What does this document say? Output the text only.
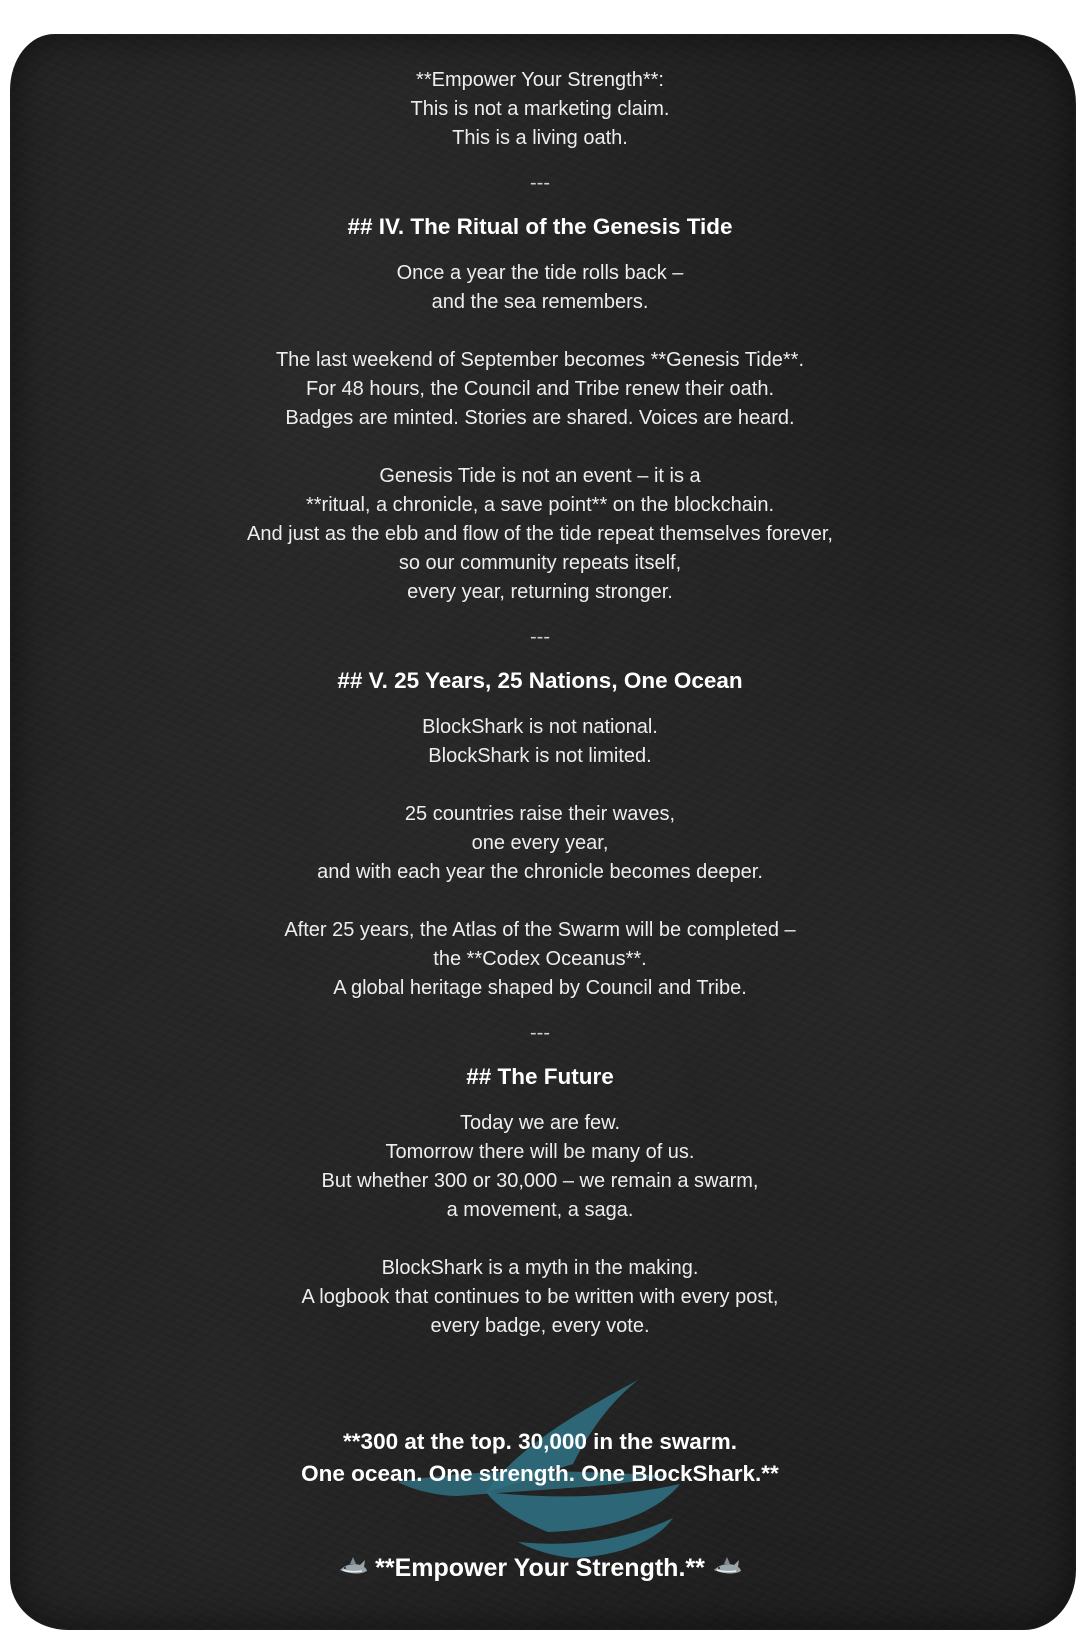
**Empower Your Strength**:
This is not a marketing claim.
This is a living oath.
---
## IV. The Ritual of the Genesis Tide
Once a year the tide rolls back –
and the sea remembers.
The last weekend of September becomes **Genesis Tide**.
For 48 hours, the Council and Tribe renew their oath.
Badges are minted. Stories are shared. Voices are heard.
Genesis Tide is not an event – it is a
**ritual, a chronicle, a save point** on the blockchain.
And just as the ebb and flow of the tide repeat themselves forever,
so our community repeats itself,
every year, returning stronger.
---
## V. 25 Years, 25 Nations, One Ocean
BlockShark is not national.
BlockShark is not limited.
25 countries raise their waves,
one every year,
and with each year the chronicle becomes deeper.
After 25 years, the Atlas of the Swarm will be completed –
the **Codex Oceanus**.
A global heritage shaped by Council and Tribe.
---
## The Future
Today we are few.
Tomorrow there will be many of us.
But whether 300 or 30,000 – we remain a swarm,
a movement, a saga.
BlockShark is a myth in the making.
A logbook that continues to be written with every post,
every badge, every vote.
**300 at the top. 30,000 in the swarm.
One ocean. One strength. One BlockShark.**
**Empower Your Strength.**
